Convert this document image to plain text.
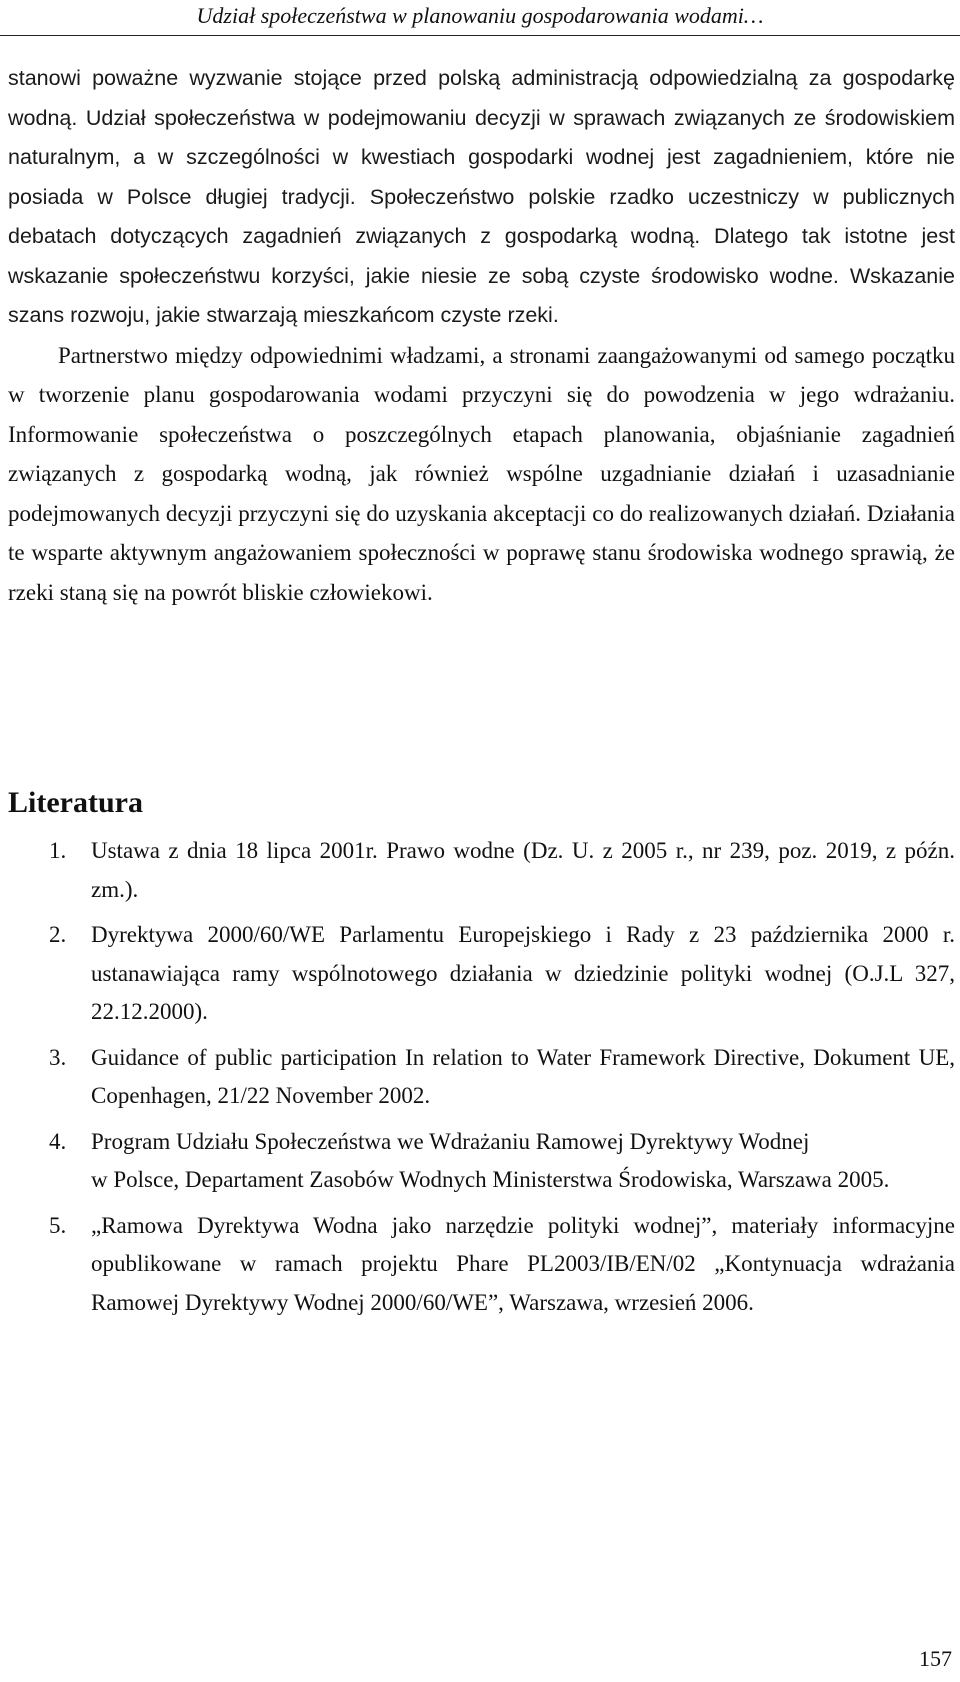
Udział społeczeństwa w planowaniu gospodarowania wodami…

stanowi poważne wyzwanie stojące przed polską administracją odpowiedzialną za gospodarkę wodną. Udział społeczeństwa w podejmowaniu decyzji w sprawach związanych ze środowiskiem naturalnym, a w szczególności w kwestiach gospodarki wodnej jest zagadnieniem, które nie posiada w Polsce długiej tradycji. Społeczeństwo polskie rzadko uczestniczy w publicznych debatach dotyczących zagadnień związanych z gospodarką wodną. Dlatego tak istotne jest wskazanie społeczeństwu korzyści, jakie niesie ze sobą czyste środowisko wodne. Wskazanie szans rozwoju, jakie stwarzają mieszkańcom czyste rzeki.

Partnerstwo między odpowiednimi władzami, a stronami zaangażowanymi od samego początku w tworzenie planu gospodarowania wodami przyczyni się do powodzenia w jego wdrażaniu. Informowanie społeczeństwa o poszczególnych etapach planowania, objaśnianie zagadnień związanych z gospodarką wodną, jak również wspólne uzgadnianie działań i uzasadnianie podejmowanych decyzji przyczyni się do uzyskania akceptacji co do realizowanych działań. Działania te wsparte aktywnym angażowaniem społeczności w poprawę stanu środowiska wodnego sprawią, że rzeki staną się na powrót bliskie człowiekowi.

Literatura
1.	Ustawa z dnia 18 lipca 2001r. Prawo wodne (Dz. U. z 2005 r., nr 239, poz. 2019, z późn. zm.).
2.	Dyrektywa 2000/60/WE Parlamentu Europejskiego i Rady z 23 października 2000 r. ustanawiająca ramy wspólnotowego działania w dziedzinie polityki wodnej (O.J.L 327, 22.12.2000).
3.	Guidance of public participation In relation to Water Framework Directive, Dokument UE, Copenhagen, 21/22 November 2002.
4.	Program Udziału Społeczeństwa we Wdrażaniu Ramowej Dyrektywy Wodnej
w Polsce, Departament Zasobów Wodnych Ministerstwa Środowiska, Warszawa 2005.
5.	„Ramowa Dyrektywa Wodna jako narzędzie polityki wodnej”, materiały informacyjne opublikowane w ramach projektu Phare PL2003/IB/EN/02 „Kontynuacja wdrażania Ramowej Dyrektywy Wodnej 2000/60/WE”, Warszawa, wrzesień 2006.
157
